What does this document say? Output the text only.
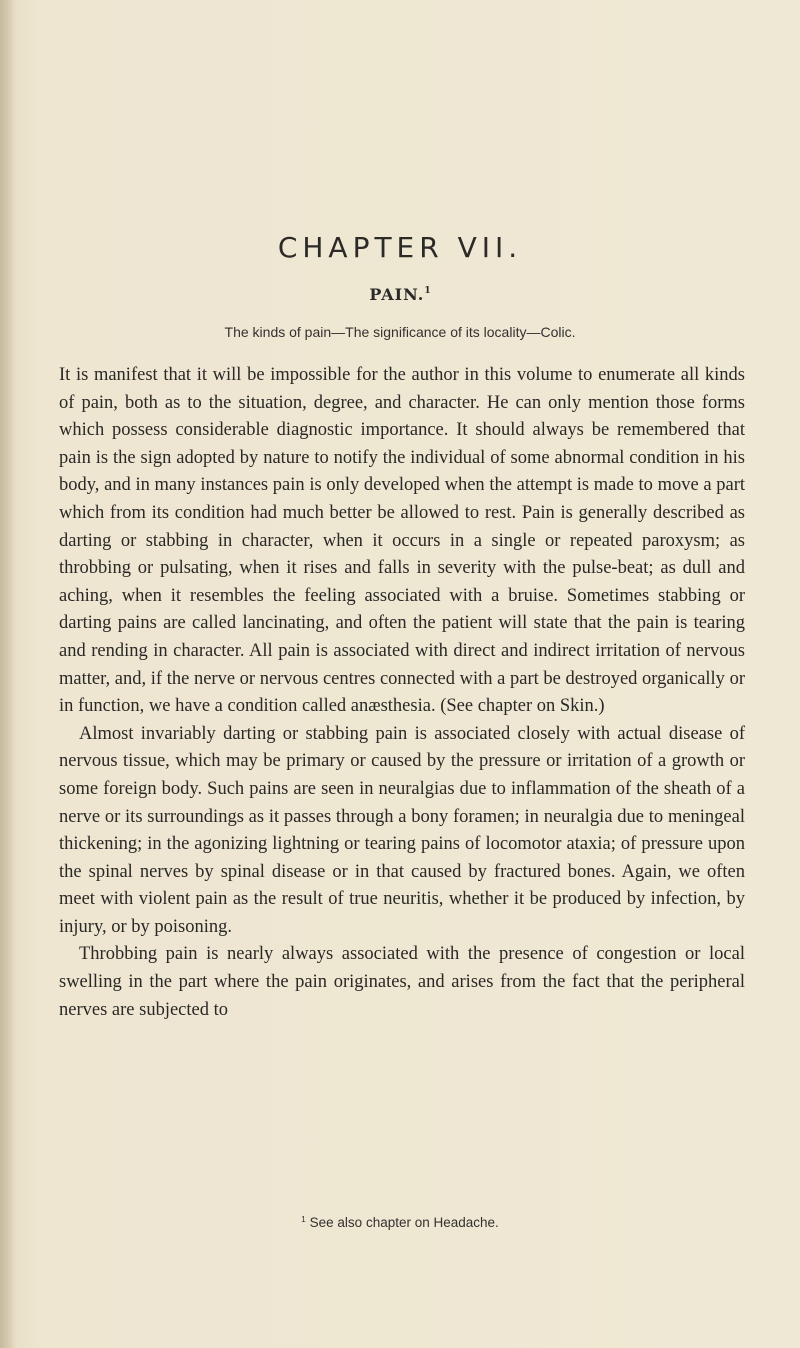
CHAPTER VII.
PAIN.$^1$

The kinds of pain—The significance of its locality—Colic.

It is manifest that it will be impossible for the author in this volume to enumerate all kinds of pain, both as to the situation, degree, and character. He can only mention those forms which possess considerable diagnostic importance. It should always be remembered that pain is the sign adopted by nature to notify the individual of some abnormal condition in his body, and in many instances pain is only developed when the attempt is made to move a part which from its condition had much better be allowed to rest. Pain is generally described as darting or stabbing in character, when it occurs in a single or repeated paroxysm; as throbbing or pulsating, when it rises and falls in severity with the pulse-beat; as dull and aching, when it resembles the feeling associated with a bruise. Sometimes stabbing or darting pains are called lancinating, and often the patient will state that the pain is tearing and rending in character. All pain is associated with direct and indirect irritation of nervous matter, and, if the nerve or nervous centres connected with a part be destroyed organically or in function, we have a condition called anæsthesia. (See chapter on Skin.)

Almost invariably darting or stabbing pain is associated closely with actual disease of nervous tissue, which may be primary or caused by the pressure or irritation of a growth or some foreign body. Such pains are seen in neuralgias due to inflammation of the sheath of a nerve or its surroundings as it passes through a bony foramen; in neuralgia due to meningeal thickening; in the agonizing lightning or tearing pains of locomotor ataxia; of pressure upon the spinal nerves by spinal disease or in that caused by fractured bones. Again, we often meet with violent pain as the result of true neuritis, whether it be produced by infection, by injury, or by poisoning.

Throbbing pain is nearly always associated with the presence of congestion or local swelling in the part where the pain originates, and arises from the fact that the peripheral nerves are subjected to

$^1$ See also chapter on Headache.
